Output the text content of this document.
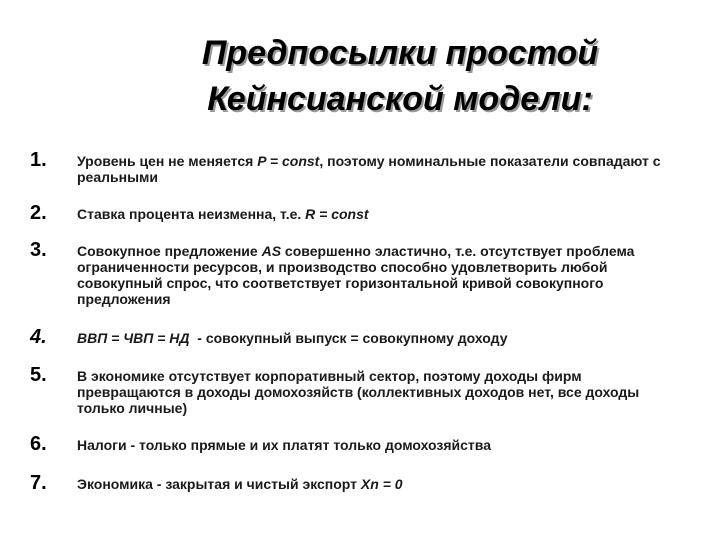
Предпосылки простой
Кейнсианской модели:
1. Уровень цен не меняется P = const, поэтому номинальные показатели совпадают с реальными
2. Ставка процента неизменна, т.е. R = const
3. Совокупное предложение AS совершенно эластично, т.е. отсутствует проблема ограниченности ресурсов, и производство способно удовлетворить любой совокупный спрос, что соответствует горизонтальной кривой совокупного предложения
4. ВВП = ЧВП = НД  - совокупный выпуск = совокупному доходу
5. В экономике отсутствует корпоративный сектор, поэтому доходы фирм превращаются в доходы домохозяйств (коллективных доходов нет, все доходы только личные)
6. Налоги - только прямые и их платят только домохозяйства
7. Экономика - закрытая и чистый экспорт Xn = 0
